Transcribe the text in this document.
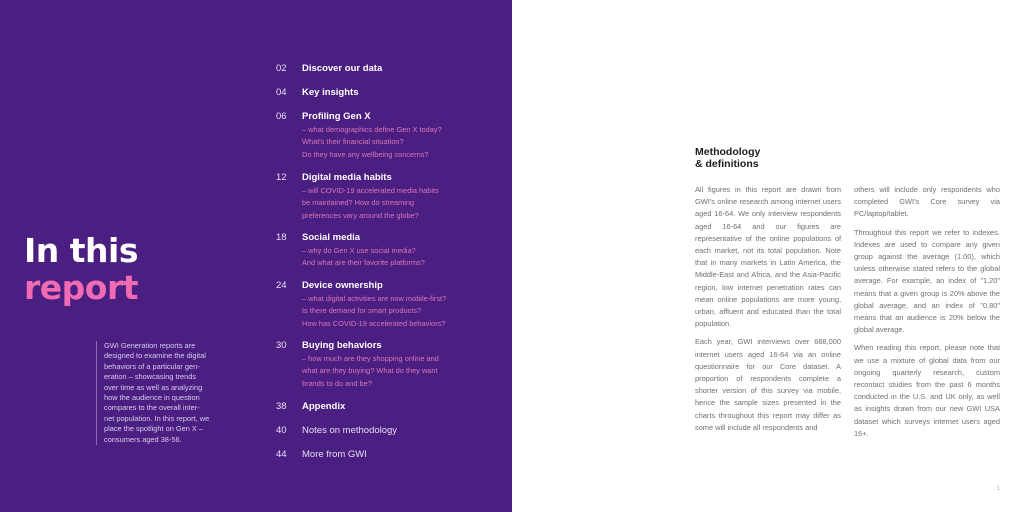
In this
report
GWI Generation reports are
designed to examine the digital
behaviors of a particular gen-
eration – showcasing trends
over time as well as analyzing
how the audience in question
compares to the overall inter-
net population. In this report, we
place the spotlight on Gen X –
consumers aged 38-56.
02	Discover our data
04	Key insights
06	Profiling Gen X
– what demographics define Gen X today?
What's their financial situation?
Do they have any wellbeing concerns?
12	Digital media habits
– will COVID-19 accelerated media habits
be maintained? How do streaming
preferences vary around the globe?
18	Social media
– why do Gen X use social media?
And what are their favorite platforms?
24	Device ownership
– what digital activities are now mobile-first?
Is there demand for smart products?
How has COVID-19 accelerated behaviors?
30	Buying behaviors
– how much are they shopping online and
what are they buying? What do they want
brands to do and be?
38	Appendix
40	Notes on methodology
44	More from GWI
Methodology
& definitions

All figures in this report are drawn from GWI's online research among internet users aged 16-64. We only interview respondents aged 16-64 and our figures are representative of the online populations of each market, not its total population. Note that in many markets in Latin America, the Middle-East and Africa, and the Asia-Pacific region, low internet penetration rates can mean online populations are more young, urban, affluent and educated than the total population.

Each year, GWI interviews over 688,000 internet users aged 16-64 via an online questionnaire for our Core dataset. A proportion of respondents complete a shorter version of this survey via mobile, hence the sample sizes presented in the charts throughout this report may differ as some will include all respondents and

others will include only respondents who completed GWI's Core survey via PC/laptop/tablet.

Throughout this report we refer to indexes. Indexes are used to compare any given group against the average (1.00), which unless otherwise stated refers to the global average. For example, an index of "1.20" means that a given group is 20% above the global average, and an index of "0.80" means that an audience is 20% below the global average.

When reading this report, please note that we use a mixture of global data from our ongoing quarterly research, custom recontact studies from the past 6 months conducted in the U.S. and UK only, as well as insights drawn from our new GWI USA dataset which surveys internet users aged 16+.

1
